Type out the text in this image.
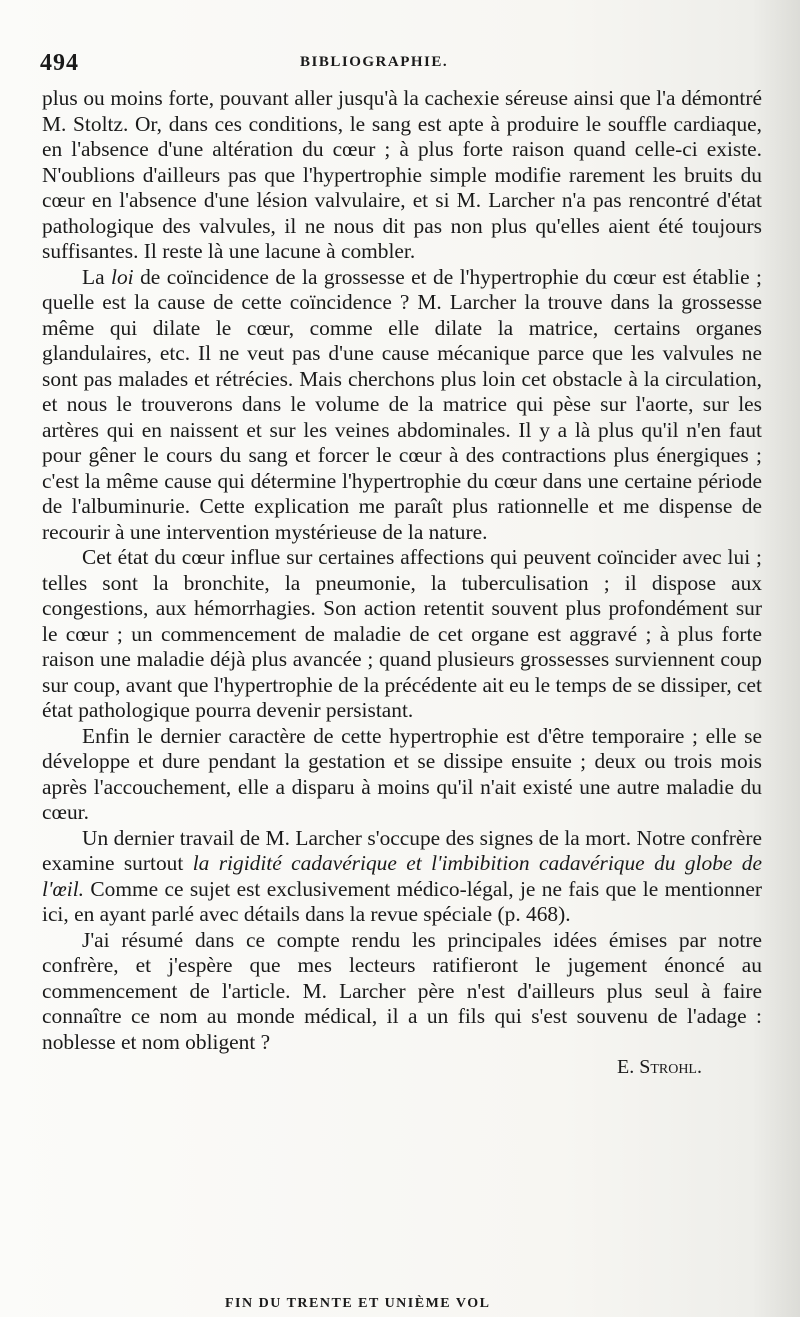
494	BIBLIOGRAPHIE.

plus ou moins forte, pouvant aller jusqu'à la cachexie séreuse ainsi que l'a démontré M. Stoltz. Or, dans ces conditions, le sang est apte à produire le souffle cardiaque, en l'absence d'une altération du cœur ; à plus forte raison quand celle-ci existe. N'oublions d'ailleurs pas que l'hypertrophie simple modifie rarement les bruits du cœur en l'absence d'une lésion valvulaire, et si M. Larcher n'a pas rencontré d'état pathologique des valvules, il ne nous dit pas non plus qu'elles aient été toujours suffisantes. Il reste là une lacune à combler.

La loi de coïncidence de la grossesse et de l'hypertrophie du cœur est établie ; quelle est la cause de cette coïncidence ? M. Larcher la trouve dans la grossesse même qui dilate le cœur, comme elle dilate la matrice, certains organes glandulaires, etc. Il ne veut pas d'une cause mécanique parce que les valvules ne sont pas malades et rétrécies. Mais cherchons plus loin cet obstacle à la circulation, et nous le trouverons dans le volume de la matrice qui pèse sur l'aorte, sur les artères qui en naissent et sur les veines abdominales. Il y a là plus qu'il n'en faut pour gêner le cours du sang et forcer le cœur à des contractions plus énergiques ; c'est la même cause qui détermine l'hypertrophie du cœur dans une certaine période de l'albuminurie. Cette explication me paraît plus rationnelle et me dispense de recourir à une intervention mystérieuse de la nature.

Cet état du cœur influe sur certaines affections qui peuvent coïncider avec lui ; telles sont la bronchite, la pneumonie, la tuberculisation ; il dispose aux congestions, aux hémorrhagies. Son action retentit souvent plus profondément sur le cœur ; un commencement de maladie de cet organe est aggravé ; à plus forte raison une maladie déjà plus avancée ; quand plusieurs grossesses surviennent coup sur coup, avant que l'hypertrophie de la précédente ait eu le temps de se dissiper, cet état pathologique pourra devenir persistant.

Enfin le dernier caractère de cette hypertrophie est d'être temporaire ; elle se développe et dure pendant la gestation et se dissipe ensuite ; deux ou trois mois après l'accouchement, elle a disparu à moins qu'il n'ait existé une autre maladie du cœur.

Un dernier travail de M. Larcher s'occupe des signes de la mort. Notre confrère examine surtout la rigidité cadavérique et l'imbibition cadavérique du globe de l'œil. Comme ce sujet est exclusivement médico-légal, je ne fais que le mentionner ici, en ayant parlé avec détails dans la revue spéciale (p. 468).

J'ai résumé dans ce compte rendu les principales idées émises par notre confrère, et j'espère que mes lecteurs ratifieront le jugement énoncé au commencement de l'article. M. Larcher père n'est d'ailleurs plus seul à faire connaître ce nom au monde médical, il a un fils qui s'est souvenu de l'adage : noblesse et nom obligent ?

E. Strohl.

FIN DU TRENTE ET UNIÈME VOL
